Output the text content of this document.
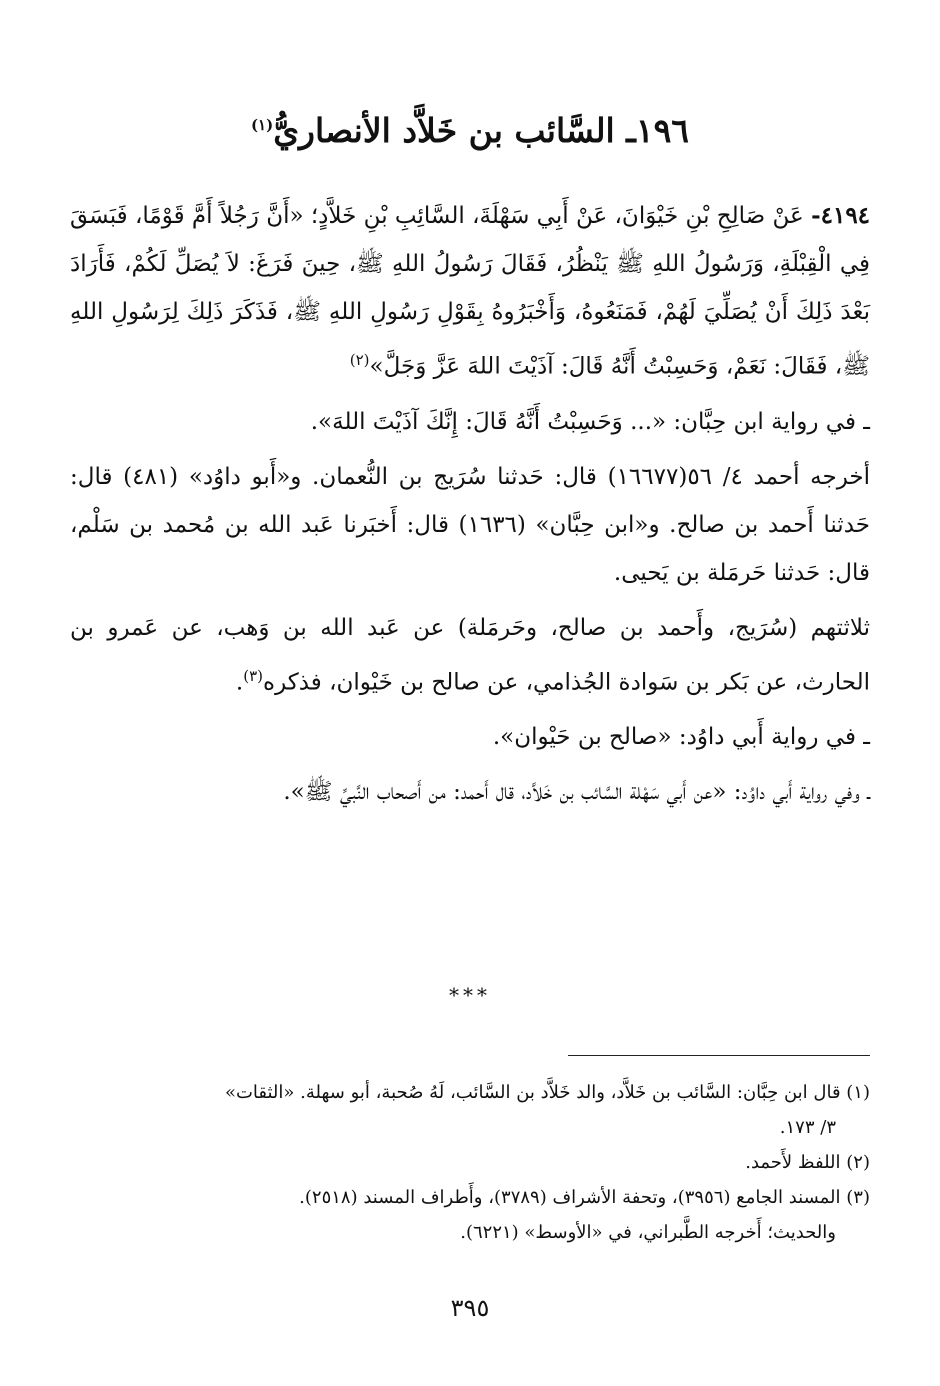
١٩٦ـ السَّائب بن خَلاَّد الأنصاريُّ$^{(١)}$

٤١٩٤- عَنْ صَالِحِ بْنِ خَيْوَانَ، عَنْ أَبِي سَهْلَةَ، السَّائِبِ بْنِ خَلاَّدٍ؛ «أَنَّ رَجُلاً أَمَّ قَوْمًا، فَبَسَقَ فِي الْقِبْلَةِ، وَرَسُولُ اللهِ ﷺ يَنْظُرُ، فَقَالَ رَسُولُ اللهِ ﷺ، حِينَ فَرَغَ: لاَ يُصَلِّ لَكُمْ، فَأَرَادَ بَعْدَ ذَلِكَ أَنْ يُصَلِّيَ لَهُمْ، فَمَنَعُوهُ، وَأَخْبَرُوهُ بِقَوْلِ رَسُولِ اللهِ ﷺ، فَذَكَرَ ذَلِكَ لِرَسُولِ اللهِ ﷺ، فَقَالَ: نَعَمْ، وَحَسِبْتُ أَنَّهُ قَالَ: آذَيْتَ اللهَ عَزَّ وَجَلَّ»$^{(٢)}$

ـ في رواية ابن حِبَّان: «... وَحَسِبْتُ أَنَّهُ قَالَ: إِنَّكَ آذَيْتَ اللهَ».

أخرجه أحمد ٤/ ٥٦(١٦٦٧٧) قال: حَدثنا سُرَيج بن النُّعمان. و«أَبو داوُد» (٤٨١) قال: حَدثنا أَحمد بن صالح. و«ابن حِبَّان» (١٦٣٦) قال: أَخبَرنا عَبد الله بن مُحمد بن سَلْم، قال: حَدثنا حَرمَلة بن يَحيى.

ثلاثتهم (سُرَيج، وأَحمد بن صالح، وحَرمَلة) عن عَبد الله بن وَهب، عن عَمرو بن الحارث، عن بَكر بن سَوادة الجُذامي، عن صالح بن خَيْوان، فذكره$^{(٣)}$.

ـ في رواية أَبي داوُد: «صالح بن حَيْوان».

ـ وفي رواية أَبي داوُد: «عن أَبي سَهْلة السَّائب بن خَلاَّد، قال أَحمد: من أَصحاب النَّبيِّ ﷺ».

***

(١) قال ابن حِبَّان: السَّائب بن خَلاَّد، والد خَلاَّد بن السَّائب، لَهُ صُحبة، أبو سهلة. «الثقات»

٣/ ١٧٣.

(٢) اللفظ لأَحمد.

(٣) المسند الجامع (٣٩٥٦)، وتحفة الأشراف (٣٧٨٩)، وأَطراف المسند (٢٥١٨).

والحديث؛ أَخرجه الطَّبراني، في «الأوسط» (٦٢٢١).

٣٩٥
